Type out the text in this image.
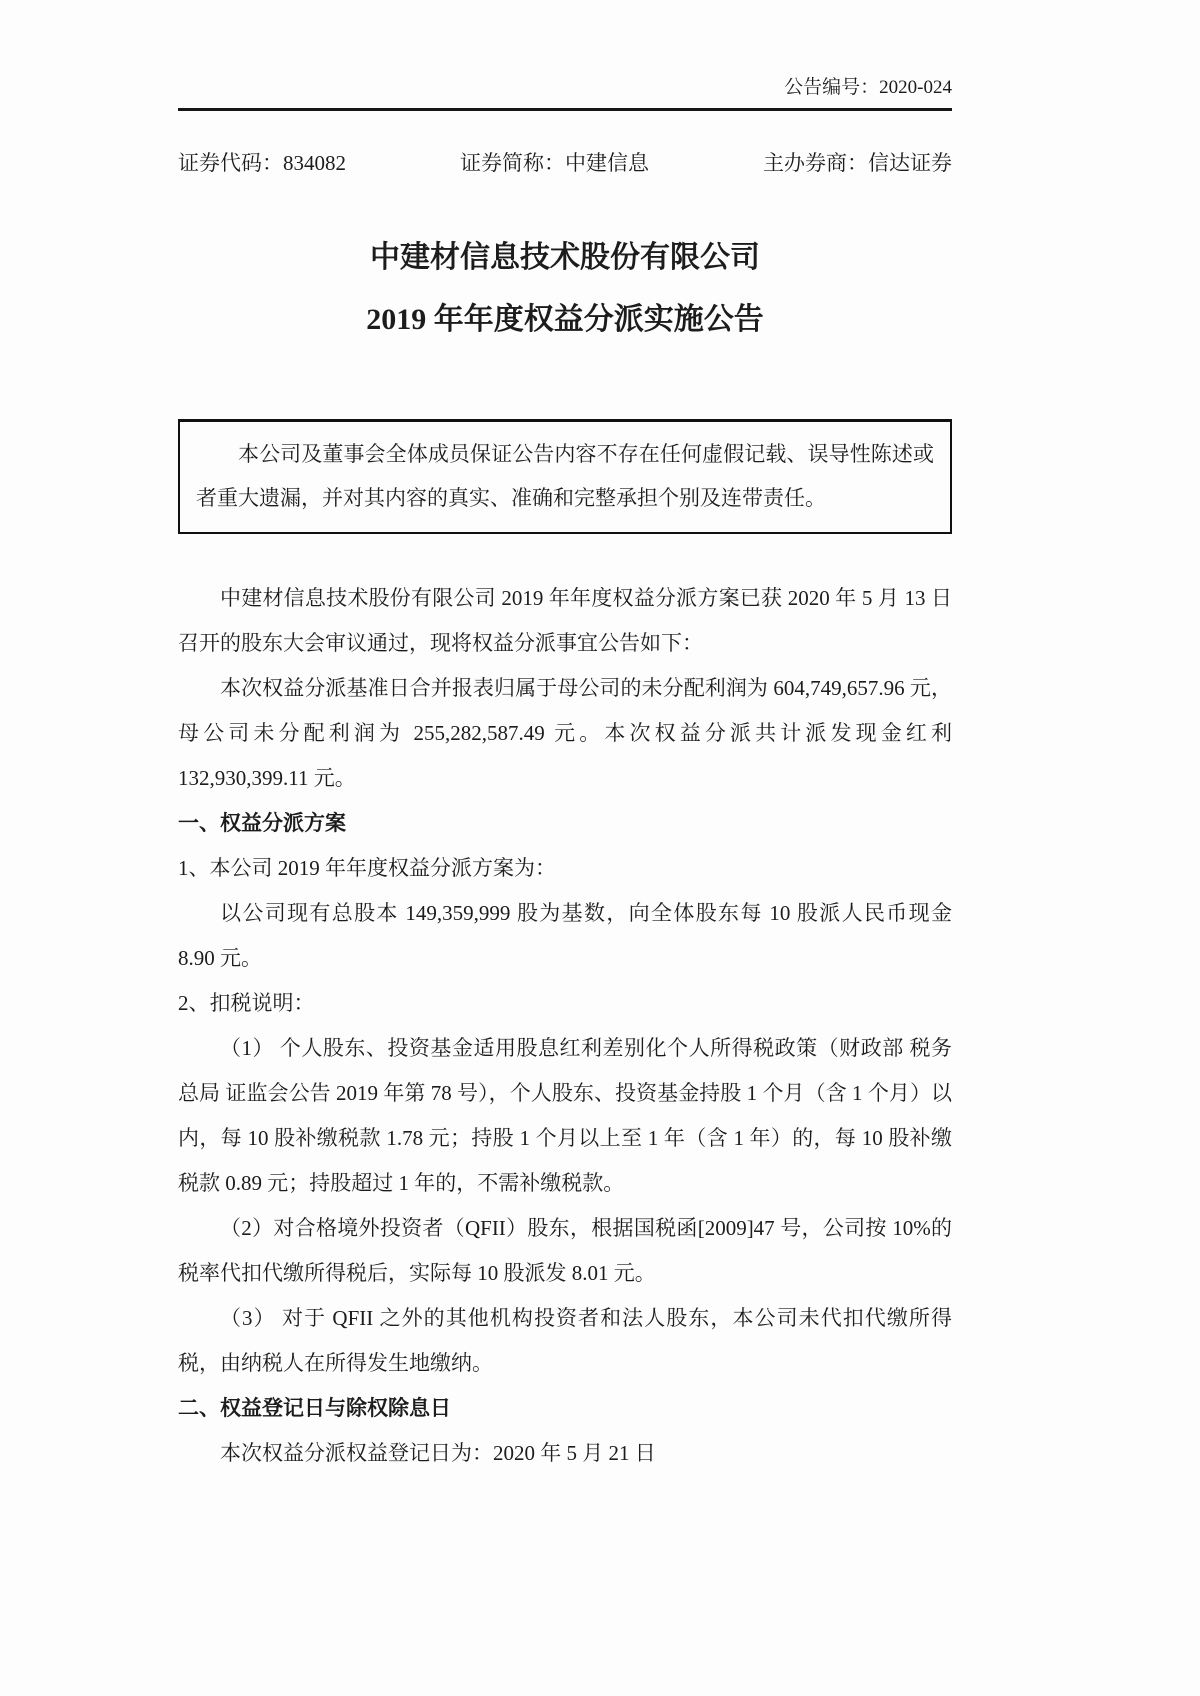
公告编号：2020-024
证券代码：834082	证券简称：中建信息	主办券商：信达证券
中建材信息技术股份有限公司
2019 年年度权益分派实施公告

本公司及董事会全体成员保证公告内容不存在任何虚假记载、误导性陈述或者重大遗漏，并对其内容的真实、准确和完整承担个别及连带责任。

中建材信息技术股份有限公司 2019 年年度权益分派方案已获 2020 年 5 月 13 日召开的股东大会审议通过，现将权益分派事宜公告如下：

本次权益分派基准日合并报表归属于母公司的未分配利润为 604,749,657.96 元，母公司未分配利润为 255,282,587.49 元。本次权益分派共计派发现金红利 132,930,399.11 元。

一、权益分派方案

1、本公司 2019 年年度权益分派方案为：

以公司现有总股本 149,359,999 股为基数，向全体股东每 10 股派人民币现金 8.90 元。

2、扣税说明：

（1） 个人股东、投资基金适用股息红利差别化个人所得税政策（财政部 税务总局 证监会公告 2019 年第 78 号），个人股东、投资基金持股 1 个月（含 1 个月）以内，每 10 股补缴税款 1.78 元；持股 1 个月以上至 1 年（含 1 年）的，每 10 股补缴税款 0.89 元；持股超过 1 年的，不需补缴税款。

（2）对合格境外投资者（QFII）股东，根据国税函[2009]47 号，公司按 10%的税率代扣代缴所得税后，实际每 10 股派发 8.01 元。

（3） 对于 QFII 之外的其他机构投资者和法人股东，本公司未代扣代缴所得税，由纳税人在所得发生地缴纳。

二、权益登记日与除权除息日

本次权益分派权益登记日为：2020 年 5 月 21 日
